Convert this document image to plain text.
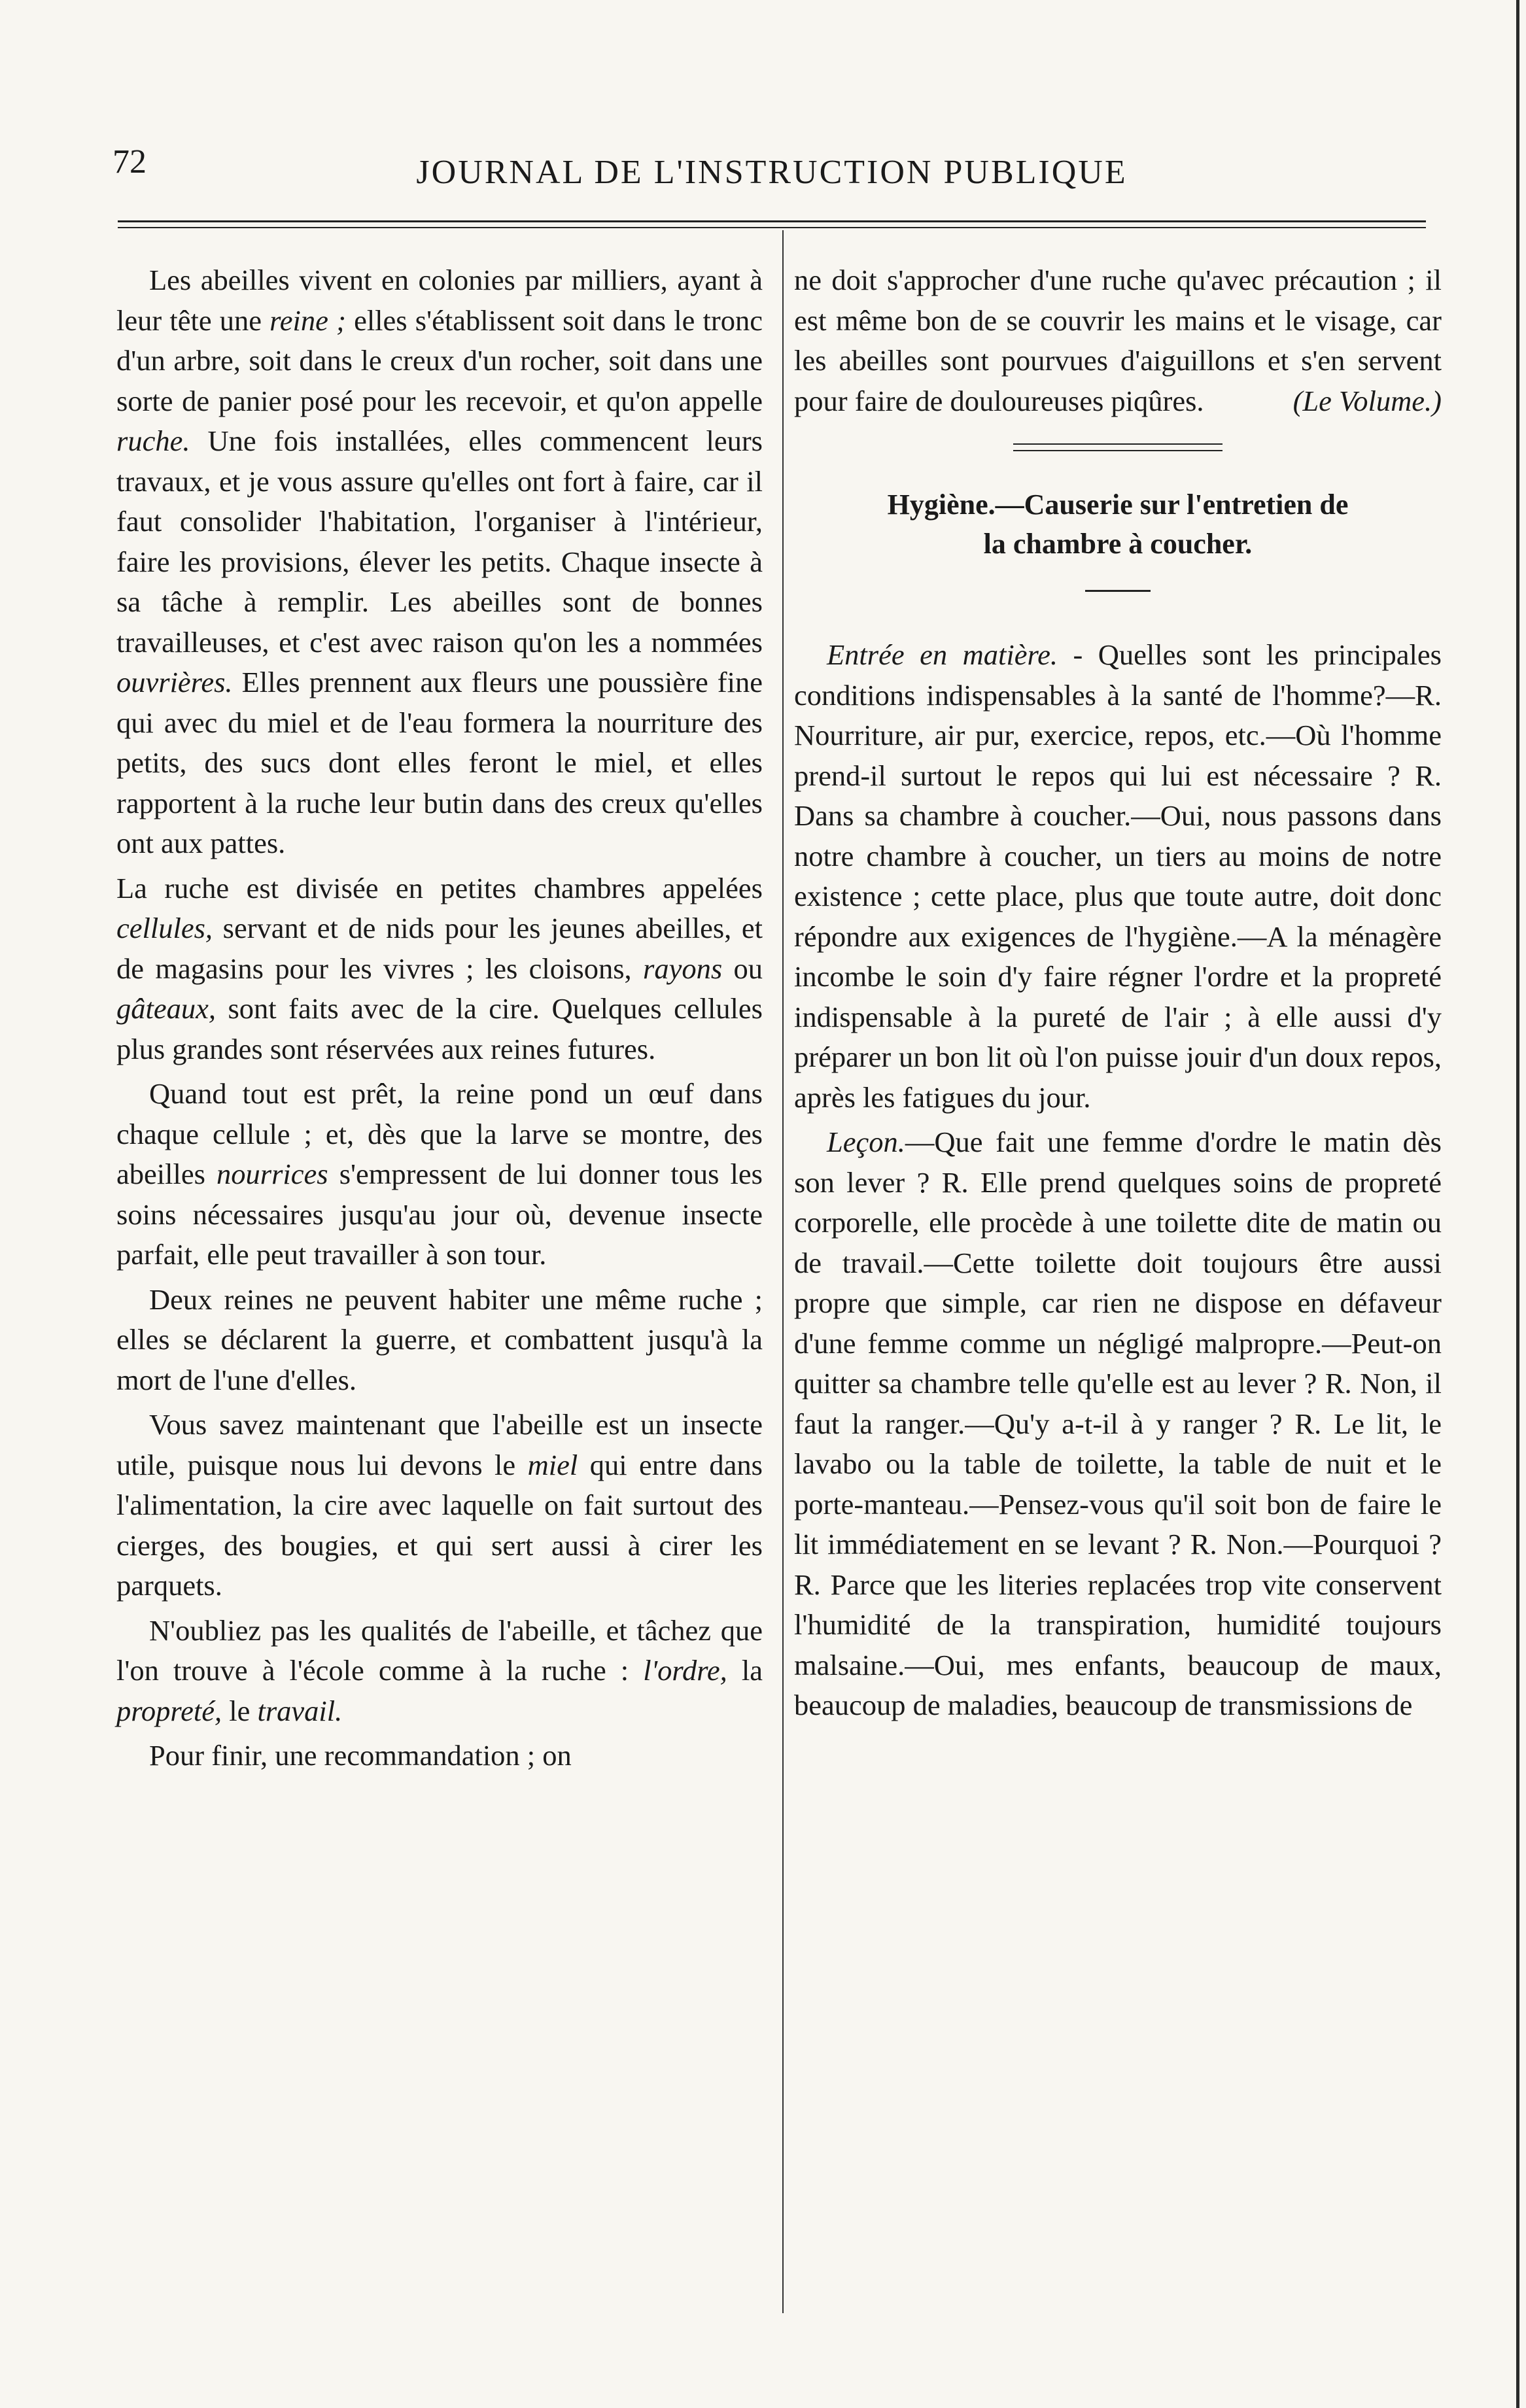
72	JOURNAL DE L'INSTRUCTION PUBLIQUE

Les abeilles vivent en colonies par milliers, ayant à leur tête une reine ; elles s'établissent soit dans le tronc d'un arbre, soit dans le creux d'un rocher, soit dans une sorte de panier posé pour les recevoir, et qu'on appelle ruche. Une fois installées, elles commencent leurs travaux, et je vous assure qu'elles ont fort à faire, car il faut consolider l'habitation, l'organiser à l'intérieur, faire les provisions, élever les petits. Chaque insecte à sa tâche à remplir. Les abeilles sont de bonnes travailleuses, et c'est avec raison qu'on les a nommées ouvrières. Elles prennent aux fleurs une poussière fine qui avec du miel et de l'eau formera la nourriture des petits, des sucs dont elles feront le miel, et elles rapportent à la ruche leur butin dans des creux qu'elles ont aux pattes.

La ruche est divisée en petites chambres appelées cellules, servant et de nids pour les jeunes abeilles, et de magasins pour les vivres ; les cloisons, rayons ou gâteaux, sont faits avec de la cire. Quelques cellules plus grandes sont réservées aux reines futures.

Quand tout est prêt, la reine pond un œuf dans chaque cellule ; et, dès que la larve se montre, des abeilles nourrices s'empressent de lui donner tous les soins nécessaires jusqu'au jour où, devenue insecte parfait, elle peut travailler à son tour.

Deux reines ne peuvent habiter une même ruche ; elles se déclarent la guerre, et combattent jusqu'à la mort de l'une d'elles.

Vous savez maintenant que l'abeille est un insecte utile, puisque nous lui devons le miel qui entre dans l'alimentation, la cire avec laquelle on fait surtout des cierges, des bougies, et qui sert aussi à cirer les parquets.

N'oubliez pas les qualités de l'abeille, et tâchez que l'on trouve à l'école comme à la ruche : l'ordre, la propreté, le travail.

Pour finir, une recommandation ; on

ne doit s'approcher d'une ruche qu'avec précaution ; il est même bon de se couvrir les mains et le visage, car les abeilles sont pourvues d'aiguillons et s'en servent pour faire de douloureuses piqûres.	(Le Volume.)

Hygiène.—Causerie sur l'entretien de
la chambre à coucher.

Entrée en matière. - Quelles sont les principales conditions indispensables à la santé de l'homme?—R. Nourriture, air pur, exercice, repos, etc.—Où l'homme prend-il surtout le repos qui lui est nécessaire ? R. Dans sa chambre à coucher.—Oui, nous passons dans notre chambre à coucher, un tiers au moins de notre existence ; cette place, plus que toute autre, doit donc répondre aux exigences de l'hygiène.—A la ménagère incombe le soin d'y faire régner l'ordre et la propreté indispensable à la pureté de l'air ; à elle aussi d'y préparer un bon lit où l'on puisse jouir d'un doux repos, après les fatigues du jour.

Leçon.—Que fait une femme d'ordre le matin dès son lever ? R. Elle prend quelques soins de propreté corporelle, elle procède à une toilette dite de matin ou de travail.—Cette toilette doit toujours être aussi propre que simple, car rien ne dispose en défaveur d'une femme comme un négligé malpropre.—Peut-on quitter sa chambre telle qu'elle est au lever ? R. Non, il faut la ranger.—Qu'y a-t-il à y ranger ? R. Le lit, le lavabo ou la table de toilette, la table de nuit et le porte-manteau.—Pensez-vous qu'il soit bon de faire le lit immédiatement en se levant ? R. Non.—Pourquoi ? R. Parce que les literies replacées trop vite conservent l'humidité de la transpiration, humidité toujours malsaine.—Oui, mes enfants, beaucoup de maux, beaucoup de maladies, beaucoup de transmissions de
